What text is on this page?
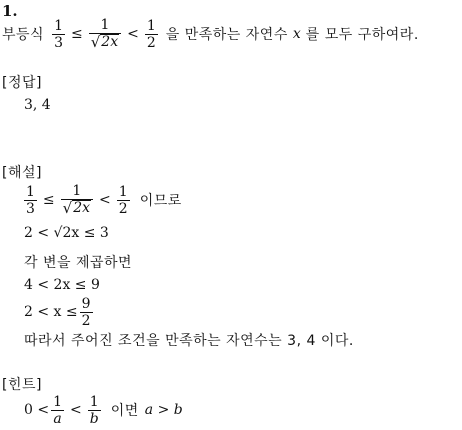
1.
부등식 $\frac{1}{3} \le \frac{1}{√ 2x} < \frac{1}{2}$ 을 만족하는 자연수 x 를 모두 구하여라.
[정답]
3, 4
[해설]
$\frac{1}{3} \le \frac{1}{√ 2x} < \frac{1}{2}$ 이므로
2 < √2x ≤ 3
각 변을 제곱하면
4 < 2x ≤ 9
$2 < x \le \frac{9}{2}$
따라서 주어진 조건을 만족하는 자연수는 3, 4 이다.
[힌트]
$0 < \frac{1}{a} < \frac{1}{b}$ 이면 a > b
